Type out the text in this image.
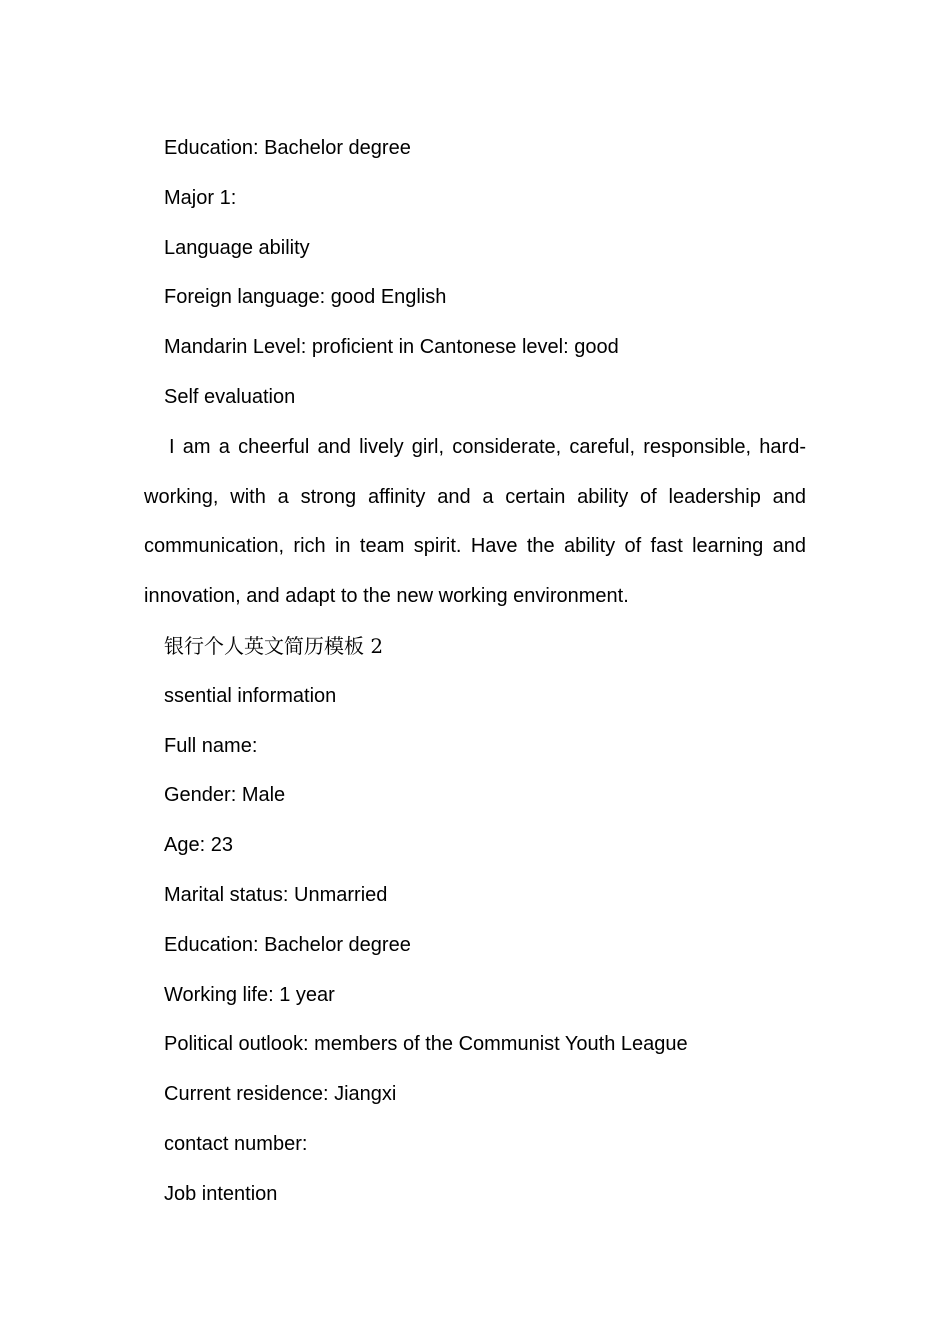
Education: Bachelor degree
Major 1:
Language ability
Foreign language: good English
Mandarin Level: proficient in Cantonese level: good
Self evaluation
I am a cheerful and lively girl, considerate, careful, responsible, hard-working, with a strong affinity and a certain ability of leadership and communication, rich in team spirit. Have the ability of fast learning and innovation, and adapt to the new working environment.
银行个人英文简历模板 2
ssential information
Full name:
Gender: Male
Age: 23
Marital status: Unmarried
Education: Bachelor degree
Working life: 1 year
Political outlook: members of the Communist Youth League
Current residence: Jiangxi
contact number:
Job intention
